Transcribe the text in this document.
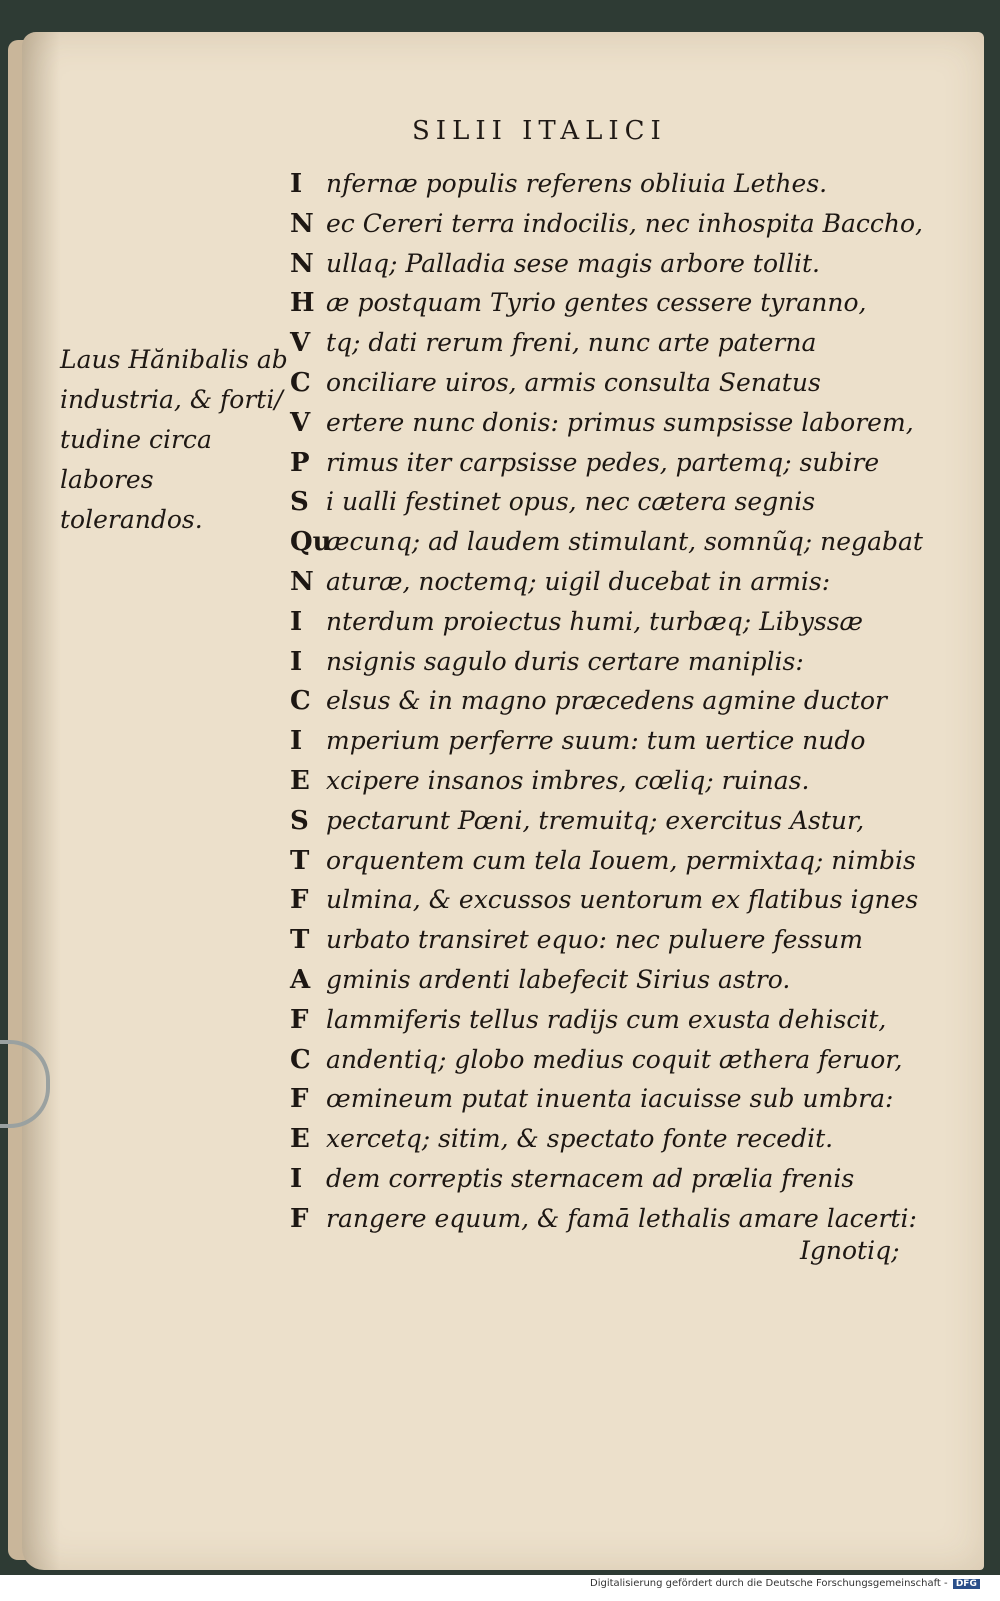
SILII ITALICI
Laus Hănibalis ab industria, & forti/ tudine circa labores tolerandos.
I nfernæ populis referens obliuia Lethes.
N ec Cereri terra indocilis, nec inhospita Baccho,
N ullaq; Palladia sese magis arbore tollit.
H æ postquam Tyrio gentes cessere tyranno,
V tq; dati rerum freni, nunc arte paterna
C onciliare uiros, armis consulta Senatus
V ertere nunc donis: primus sumpsisse laborem,
P rimus iter carpsisse pedes, partemq; subire
S i ualli festinet opus, nec cætera segnis
Quæcunq; ad laudem stimulant, somnũq; negabat
N aturæ, noctemq; uigil ducebat in armis:
I nterdum proiectus humi, turbæq; Libyssæ
I nsignis sagulo duris certare maniplis:
C elsus & in magno præcedens agmine ductor
I mperium perferre suum: tum uertice nudo
E xcipere insanos imbres, cœliq; ruinas.
S pectarunt Pœni, tremuitq; exercitus Astur,
T orquentem cum tela Iouem, permixtaq; nimbis
F ulmina, & excussos uentorum ex flatibus ignes
T urbato transiret equo: nec puluere fessum
A gminis ardenti labefecit Sirius astro.
F lammiferis tellus radijs cum exusta dehiscit,
C andentiq; globo medius coquit æthera feruor,
F œmineum putat inuenta iacuisse sub umbra:
E xercetq; sitim, & spectato fonte recedit.
I dem correptis sternacem ad prælia frenis
F rangere equum, & famā lethalis amare lacerti:
Ignotiq;
Digitalisierung gefördert durch die Deutsche Forschungsgemeinschaft - DFG
